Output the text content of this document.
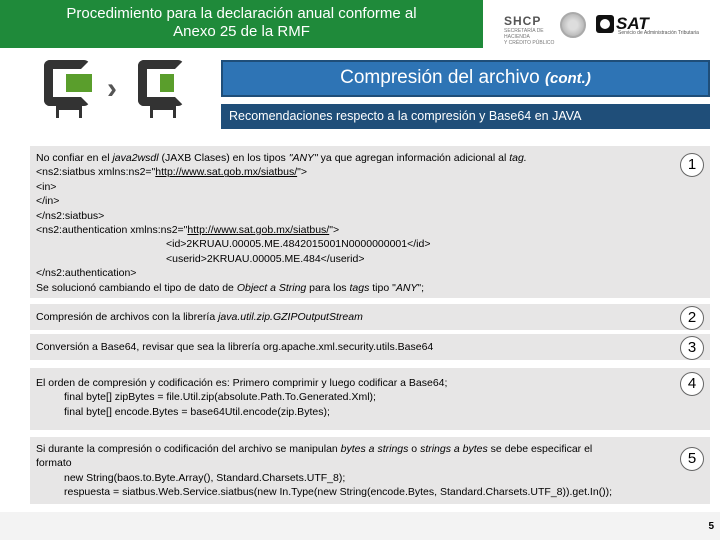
Procedimiento para la declaración anual conforme al
Anexo 25 de la RMF
SHCP
SECRETARÍA DE HACIENDA
Y CRÉDITO PÚBLICO
SAT
Servicio de Administración Tributaria
›	Compresión del archivo (cont.)
Recomendaciones respecto a la compresión y Base64 en JAVA
No confiar en el java2wsdl (JAXB Clases) en los tipos "ANY" ya que agregan información adicional al tag.
<ns2:siatbus xmlns:ns2="http://www.sat.gob.mx/siatbus/">
<in>
</in>
</ns2:siatbus>
<ns2:authentication xmlns:ns2="http://www.sat.gob.mx/siatbus/">
<id>2KRUAU.00005.ME.4842015001N0000000001</id>
<userid>2KRUAU.00005.ME.484</userid>
</ns2:authentication>
Se solucionó cambiando el tipo de dato de Object a String para los tags tipo "ANY";
1
Compresión de archivos con la librería java.util.zip.GZIPOutputStream	2
Conversión a Base64, revisar que sea la librería org.apache.xml.security.utils.Base64	3
El orden de compresión y codificación es: Primero comprimir y luego codificar a Base64;
final byte[] zipBytes = file.Util.zip(absolute.Path.To.Generated.Xml);
final byte[] encode.Bytes = base64Util.encode(zip.Bytes);
4
Si durante la compresión o codificación del archivo se manipulan bytes a strings o strings a bytes se debe especificar el
formato
new String(baos.to.Byte.Array(), Standard.Charsets.UTF_8);
respuesta = siatbus.Web.Service.siatbus(new In.Type(new String(encode.Bytes, Standard.Charsets.UTF_8)).get.In());
5
5
